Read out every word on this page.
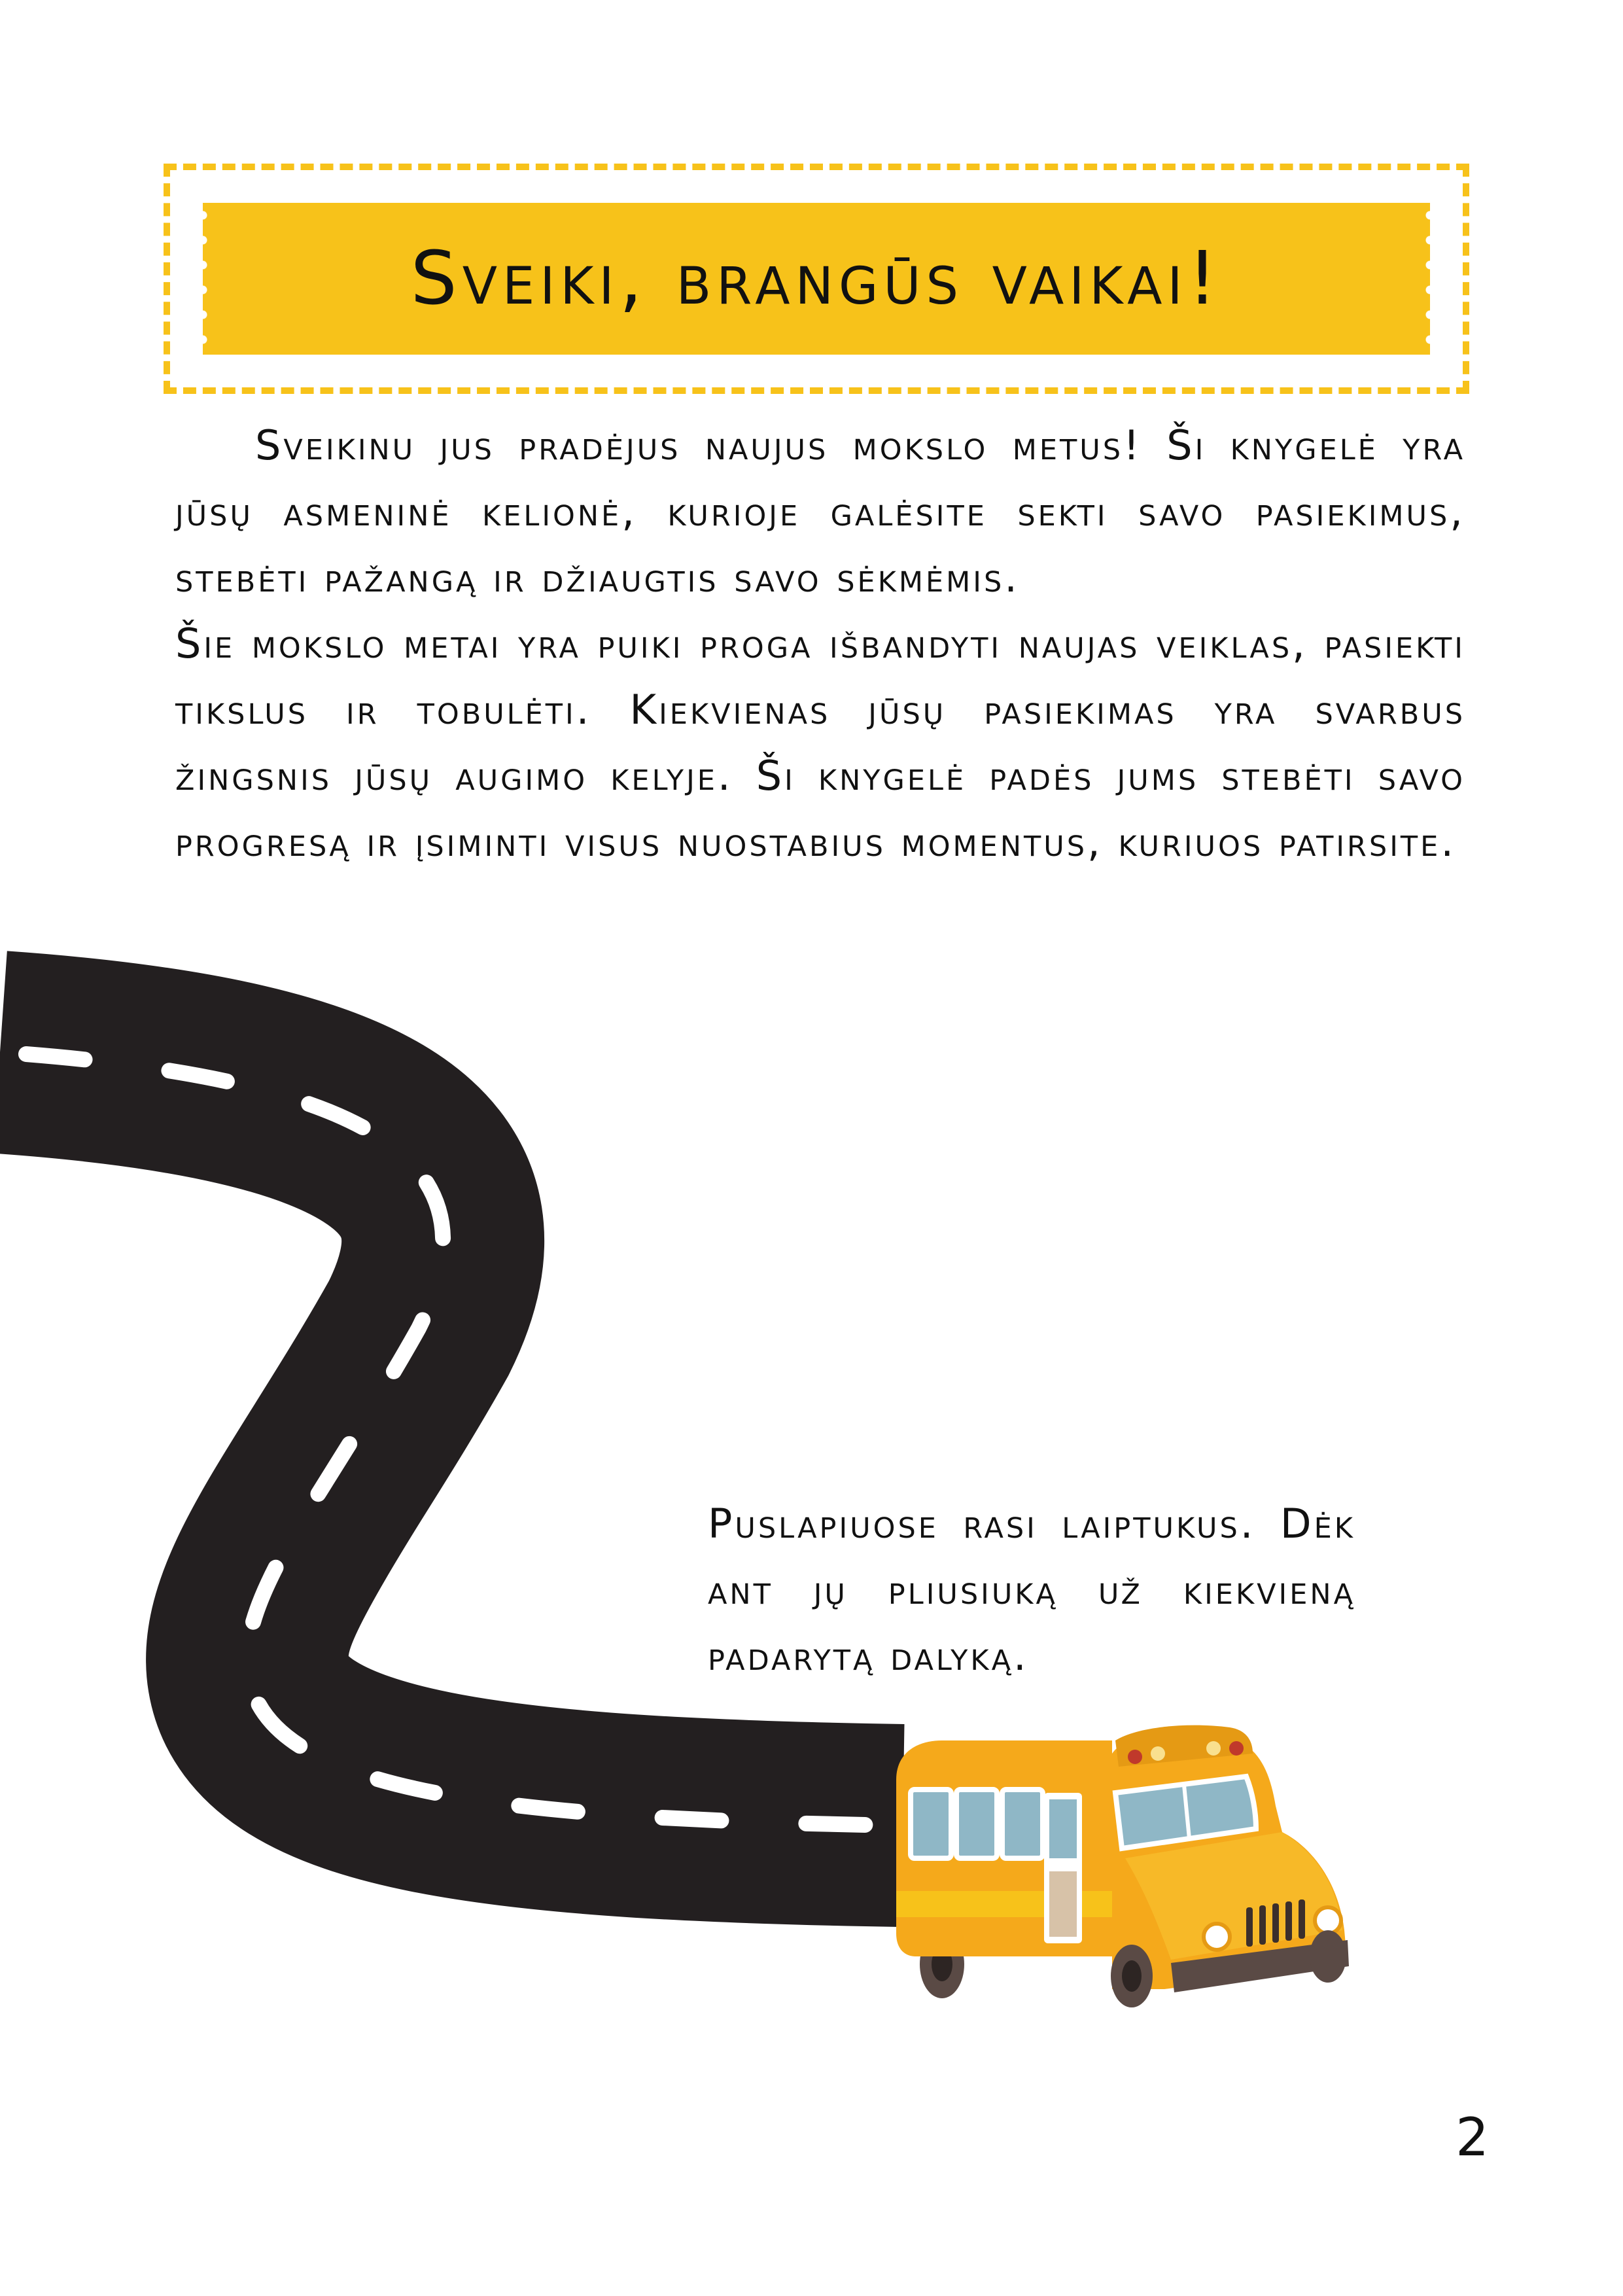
Sveiki, brangūs vaikai!

Sveikinu jus pradėjus naujus mokslo metus! Ši knygelė yra jūsų asmeninė kelionė, kurioje galėsite sekti savo pasiekimus, stebėti pažangą ir džiaugtis savo sėkmėmis.

Šie mokslo metai yra puiki proga išbandyti naujas veiklas, pasiekti tikslus ir tobulėti. Kiekvienas jūsų pasiekimas yra svarbus žingsnis jūsų augimo kelyje. Ši knygelė padės jums stebėti savo progresą ir įsiminti visus nuostabius momentus, kuriuos patirsite.

Puslapiuose rasi laiptukus. Dėk ant jų pliusiuką už kiekvieną padarytą dalyką.
2
